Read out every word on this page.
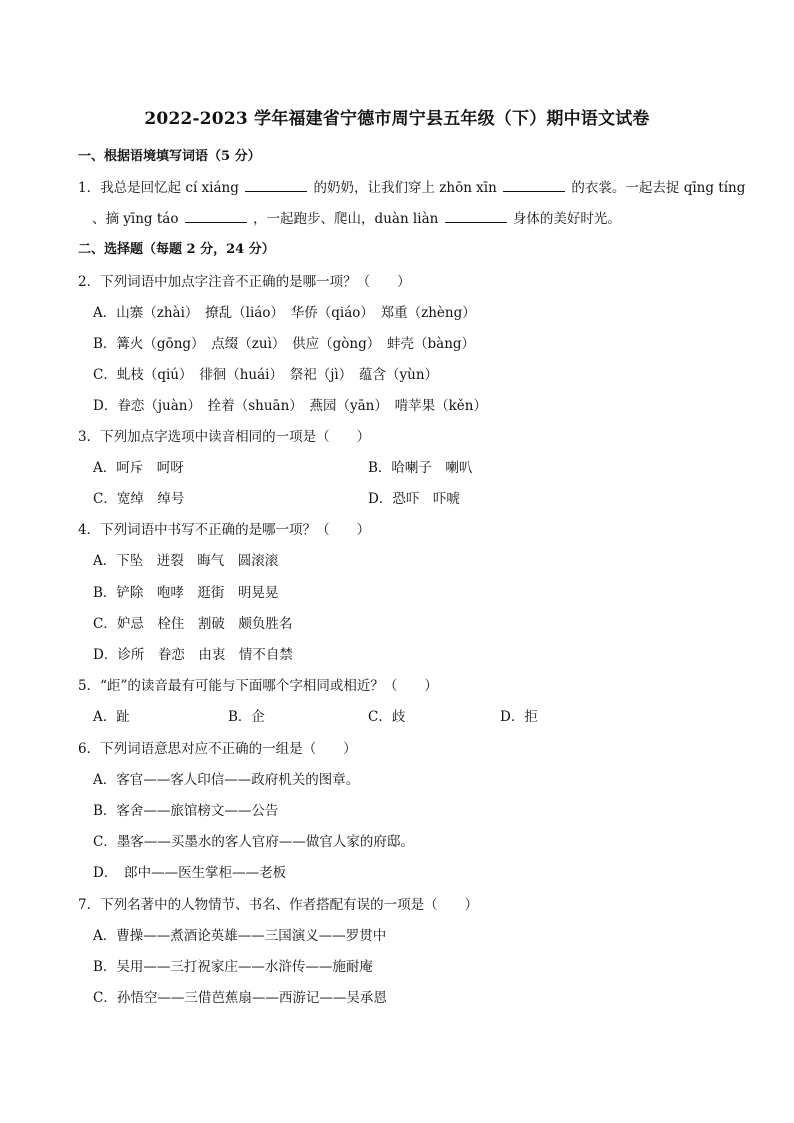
2022-2023 学年福建省宁德市周宁县五年级（下）期中语文试卷
一、根据语境填写词语（5 分）
1．我总是回忆起 cí xiáng	的奶奶，让我们穿上 zhōn xīn	的衣裳。一起去捉 qīng tíng
、摘 yīng táo	，一起跑步、爬山，duàn liàn	身体的美好时光。
二、选择题（每题 2 分，24 分）
2．下列词语中加点字注音不正确的是哪一项？（　　）
A．山寨（zhài）　撩乱（liáo）　华侨（qiáo）　郑重（zhèng）
B．篝火（gōng）　点缀（zuì）　供应（gòng）　蚌壳（bàng）
C．虬枝（qiú）　徘徊（huái）　祭祀（jì）　蕴含（yùn）
D．眷恋（juàn）　拴着（shuān）　燕园（yān）　啃苹果（kěn）
3．下列加点字选项中读音相同的一项是（　　）
A．呵斥　呵呀	B．哈喇子　喇叭
C．宽绰　绰号	D．恐吓　吓唬
4．下列词语中书写不正确的是哪一项？（　　）
A．下坠　迸裂　晦气　圆滚滚
B．铲除　咆哮　逛街　明晃晃
C．妒忌　栓住　割破　颇负胜名
D．诊所　眷恋　由衷　情不自禁
5．“歫”的读音最有可能与下面哪个字相同或相近？（　　）
A．趾	B．企	C．歧	D．拒
6．下列词语意思对应不正确的一组是（　　）
A．客官——客人印信——政府机关的图章。
B．客舍——旅馆榜文——公告
C．墨客——买墨水的客人官府——做官人家的府邸。
D．　郎中——医生掌柜——老板
7．下列名著中的人物情节、书名、作者搭配有误的一项是（　　）
A．曹操——煮酒论英雄——三国演义——罗贯中
B．吴用——三打祝家庄——水浒传——施耐庵
C．孙悟空——三借芭蕉扇——西游记——吴承恩
